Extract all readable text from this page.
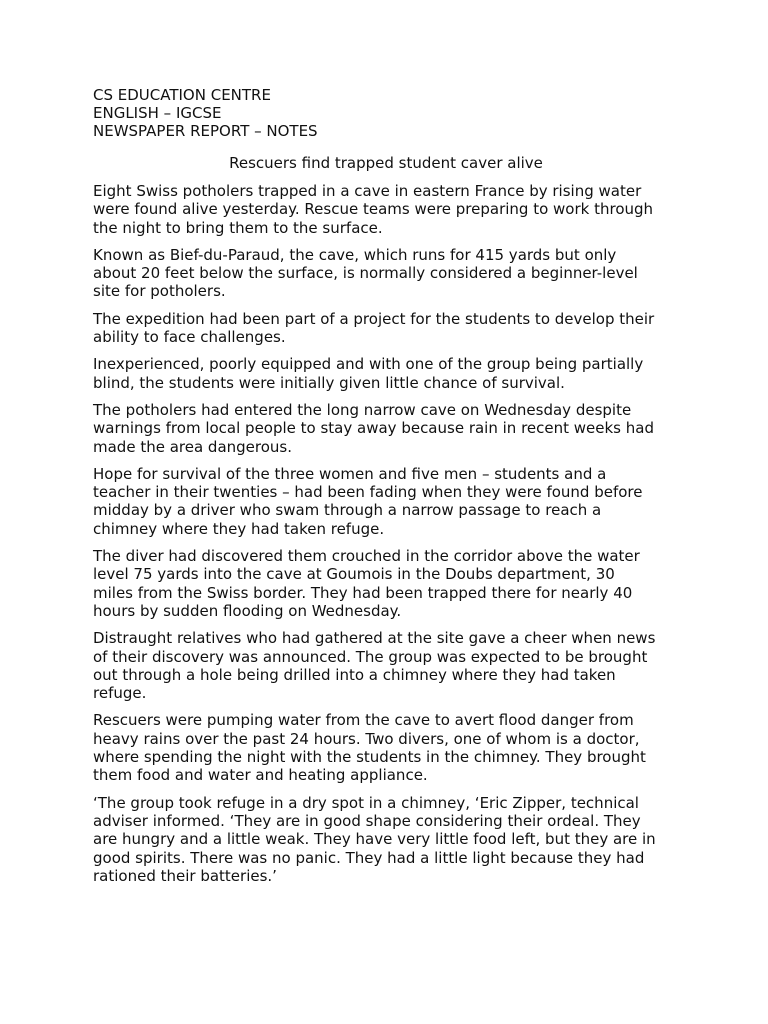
CS EDUCATION CENTRE

ENGLISH – IGCSE

NEWSPAPER REPORT – NOTES

Rescuers find trapped student caver alive

Eight Swiss potholers trapped in a cave in eastern France by rising water
were found alive yesterday. Rescue teams were preparing to work through
the night to bring them to the surface.

Known as Bief-du-Paraud, the cave, which runs for 415 yards but only
about 20 feet below the surface, is normally considered a beginner-level
site for potholers.

The expedition had been part of a project for the students to develop their
ability to face challenges.

Inexperienced, poorly equipped and with one of the group being partially
blind, the students were initially given little chance of survival.

The potholers had entered the long narrow cave on Wednesday despite
warnings from local people to stay away because rain in recent weeks had
made the area dangerous.

Hope for survival of the three women and five men – students and a
teacher in their twenties – had been fading when they were found before
midday by a driver who swam through a narrow passage to reach a
chimney where they had taken refuge.

The diver had discovered them crouched in the corridor above the water
level 75 yards into the cave at Goumois in the Doubs department, 30
miles from the Swiss border. They had been trapped there for nearly 40
hours by sudden flooding on Wednesday.

Distraught relatives who had gathered at the site gave a cheer when news
of their discovery was announced. The group was expected to be brought
out through a hole being drilled into a chimney where they had taken
refuge.

Rescuers were pumping water from the cave to avert flood danger from
heavy rains over the past 24 hours. Two divers, one of whom is a doctor,
where spending the night with the students in the chimney. They brought
them food and water and heating appliance.

‘The group took refuge in a dry spot in a chimney, ‘Eric Zipper, technical
adviser informed. ‘They are in good shape considering their ordeal. They
are hungry and a little weak. They have very little food left, but they are in
good spirits. There was no panic. They had a little light because they had
rationed their batteries.’
